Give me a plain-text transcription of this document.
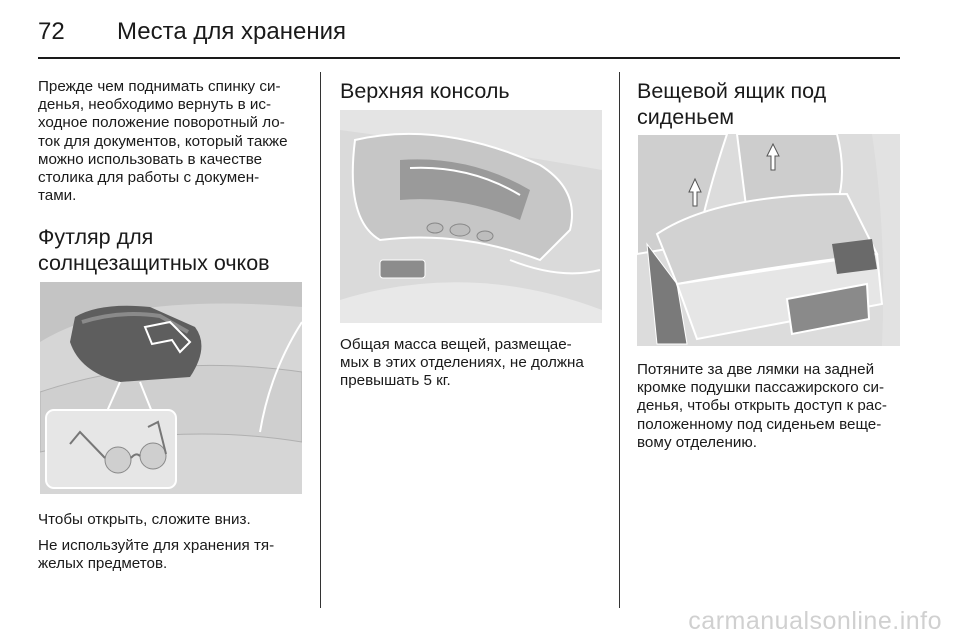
72 Места для хранения

Прежде чем поднимать спинку си-
денья, необходимо вернуть в ис-
ходное положение поворотный ло-
ток для документов, который также
можно использовать в качестве
столика для работы с докумен-
тами.

Футляр для
солнцезащитных очков

Чтобы открыть, сложите вниз.

Не используйте для хранения тя-
желых предметов.

Верхняя консоль

Общая масса вещей, размещае-
мых в этих отделениях, не должна
превышать 5 кг.

Вещевой ящик под
сиденьем

Потяните за две лямки на задней
кромке подушки пассажирского си-
денья, чтобы открыть доступ к рас-
положенному под сиденьем веще-
вому отделению.

carmanualsonline.info
